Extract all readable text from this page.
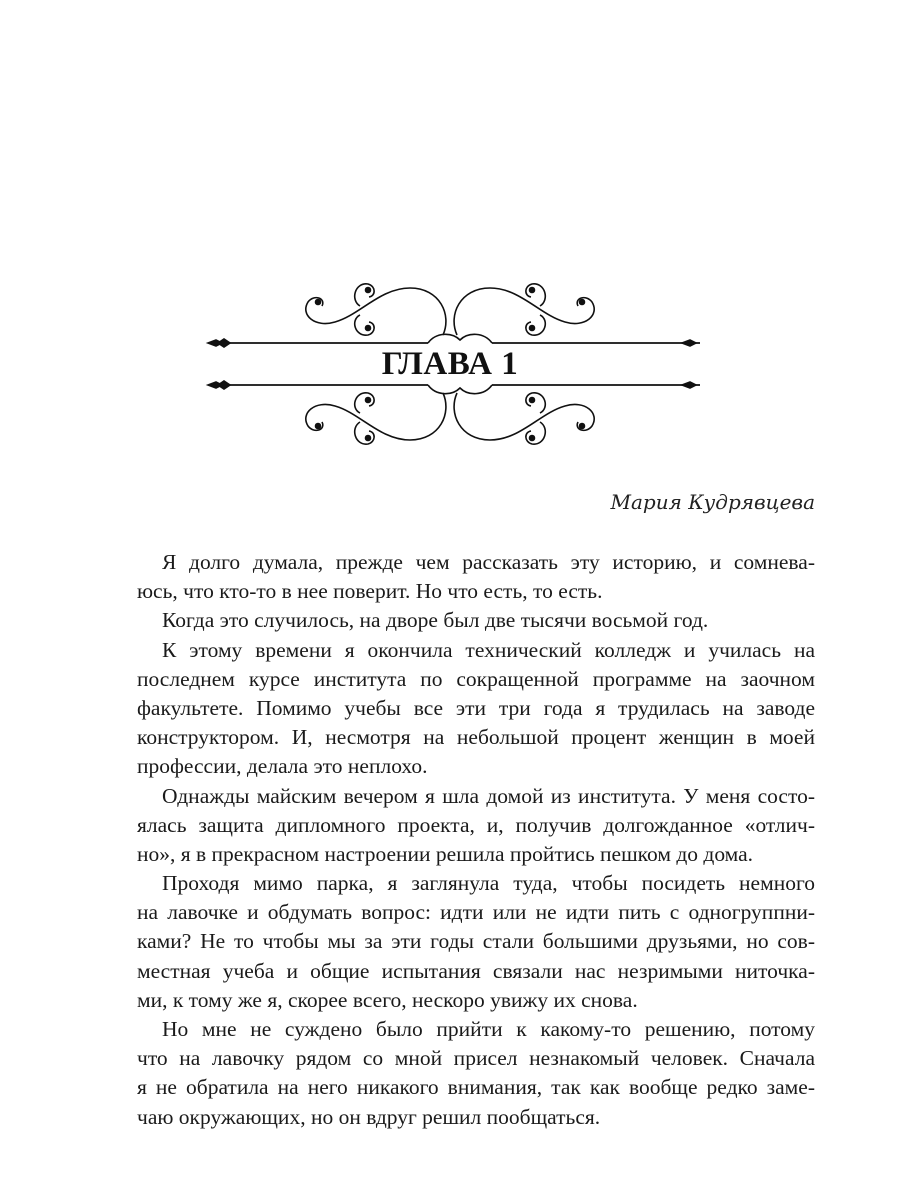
ГЛАВА 1
Мария Кудрявцева
Я долго думала, прежде чем рассказать эту историю, и сомнева-
юсь, что кто-то в нее поверит. Но что есть, то есть.
Когда это случилось, на дворе был две тысячи восьмой год.
К этому времени я окончила технический колледж и училась на
последнем курсе института по сокращенной программе на заочном
факультете. Помимо учебы все эти три года я трудилась на заводе
конструктором. И, несмотря на небольшой процент женщин в моей
профессии, делала это неплохо.
Однажды майским вечером я шла домой из института. У меня состо-
ялась защита дипломного проекта, и, получив долгожданное «отлич-
но», я в прекрасном настроении решила пройтись пешком до дома.
Проходя мимо парка, я заглянула туда, чтобы посидеть немного
на лавочке и обдумать вопрос: идти или не идти пить с одногруппни-
ками? Не то чтобы мы за эти годы стали большими друзьями, но сов-
местная учеба и общие испытания связали нас незримыми ниточка-
ми, к тому же я, скорее всего, нескоро увижу их снова.
Но мне не суждено было прийти к какому-то решению, потому
что на лавочку рядом со мной присел незнакомый человек. Сначала
я не обратила на него никакого внимания, так как вообще редко заме-
чаю окружающих, но он вдруг решил пообщаться.
